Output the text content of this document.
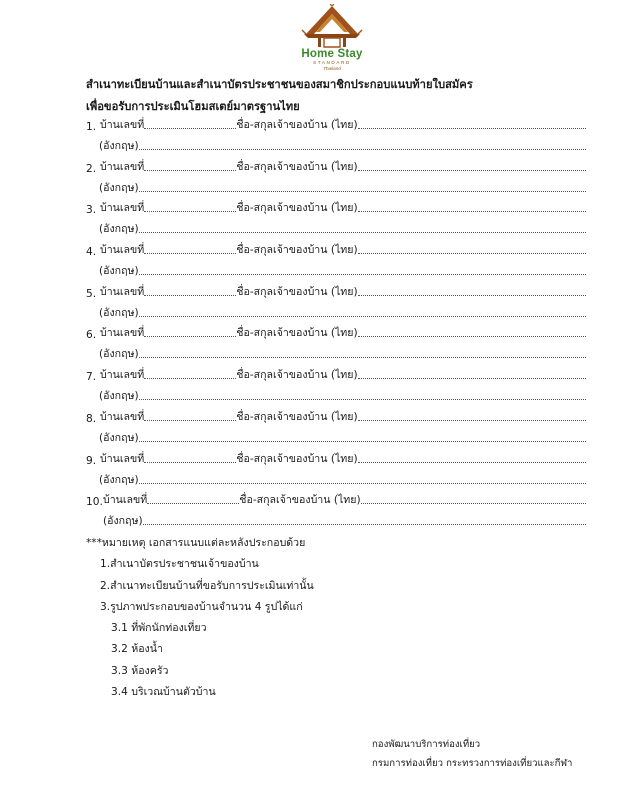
Home Stay
STANDARD
Thailand
สำเนาทะเบียนบ้านและสำเนาบัตรประชาชนของสมาชิกประกอบแนบท้ายใบสมัคร
เพื่อขอรับการประเมินโฮมสเตย์มาตรฐานไทย
1. บ้านเลขที่	ชื่อ-สกุลเจ้าของบ้าน (ไทย)
(อังกฤษ)
2. บ้านเลขที่	ชื่อ-สกุลเจ้าของบ้าน (ไทย)
(อังกฤษ)
3. บ้านเลขที่	ชื่อ-สกุลเจ้าของบ้าน (ไทย)
(อังกฤษ)
4. บ้านเลขที่	ชื่อ-สกุลเจ้าของบ้าน (ไทย)
(อังกฤษ)
5. บ้านเลขที่	ชื่อ-สกุลเจ้าของบ้าน (ไทย)
(อังกฤษ)
6. บ้านเลขที่	ชื่อ-สกุลเจ้าของบ้าน (ไทย)
(อังกฤษ)
7. บ้านเลขที่	ชื่อ-สกุลเจ้าของบ้าน (ไทย)
(อังกฤษ)
8. บ้านเลขที่	ชื่อ-สกุลเจ้าของบ้าน (ไทย)
(อังกฤษ)
9. บ้านเลขที่	ชื่อ-สกุลเจ้าของบ้าน (ไทย)
(อังกฤษ)
10. บ้านเลขที่	ชื่อ-สกุลเจ้าของบ้าน (ไทย)
(อังกฤษ)
***หมายเหตุ เอกสารแนบแต่ละหลังประกอบด้วย
1.สำเนาบัตรประชาชนเจ้าของบ้าน
2.สำเนาทะเบียนบ้านที่ขอรับการประเมินเท่านั้น
3.รูปภาพประกอบของบ้านจำนวน 4 รูปได้แก่
3.1 ที่พักนักท่องเที่ยว
3.2 ห้องน้ำ
3.3 ห้องครัว
3.4 บริเวณบ้านตัวบ้าน
กองพัฒนาบริการท่องเที่ยว
กรมการท่องเที่ยว กระทรวงการท่องเที่ยวและกีฬา
